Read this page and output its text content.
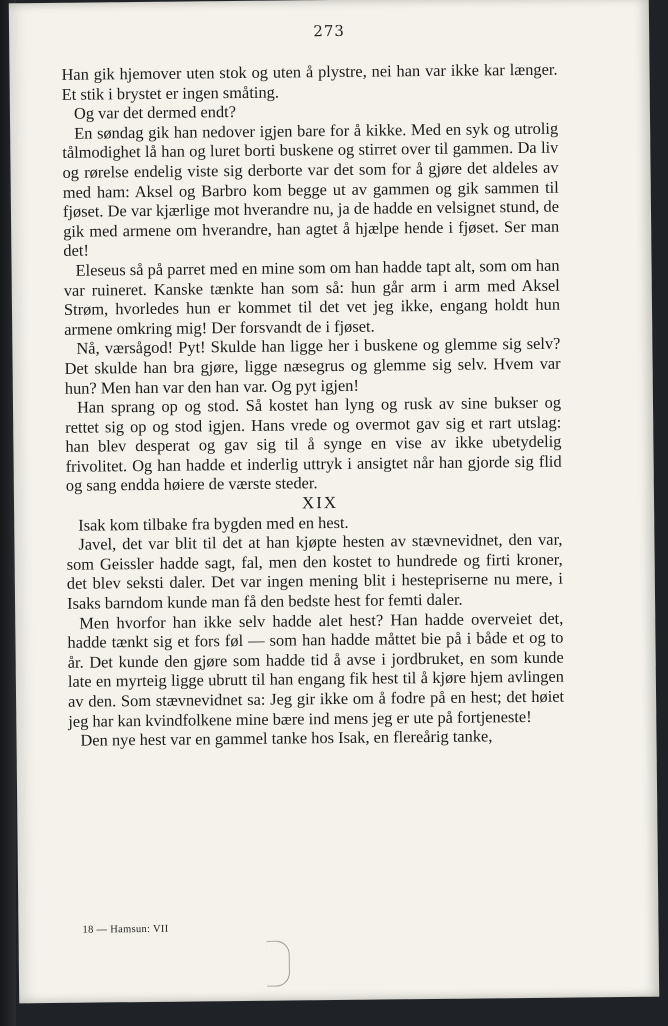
273

Han gik hjemover uten stok og uten å plystre, nei han var ikke kar længer. Et stik i brystet er ingen småting.

Og var det dermed endt?

En søndag gik han nedover igjen bare for å kikke. Med en syk og utrolig tålmodighet lå han og luret borti buskene og stirret over til gammen. Da liv og rørelse endelig viste sig derborte var det som for å gjøre det aldeles av med ham: Aksel og Barbro kom begge ut av gammen og gik sammen til fjøset. De var kjærlige mot hverandre nu, ja de hadde en velsignet stund, de gik med armene om hverandre, han agtet å hjælpe hende i fjøset. Ser man det!

Eleseus så på parret med en mine som om han hadde tapt alt, som om han var ruineret. Kanske tænkte han som så: hun går arm i arm med Aksel Strøm, hvorledes hun er kommet til det vet jeg ikke, engang holdt hun armene omkring mig! Der forsvandt de i fjøset.

Nå, værsågod! Pyt! Skulde han ligge her i buskene og glemme sig selv? Det skulde han bra gjøre, ligge næsegrus og glemme sig selv. Hvem var hun? Men han var den han var. Og pyt igjen!

Han sprang op og stod. Så kostet han lyng og rusk av sine bukser og rettet sig op og stod igjen. Hans vrede og overmot gav sig et rart utslag: han blev desperat og gav sig til å synge en vise av ikke ubetydelig frivolitet. Og han hadde et inderlig uttryk i ansigtet når han gjorde sig flid og sang endda høiere de værste steder.

XIX

Isak kom tilbake fra bygden med en hest.

Javel, det var blit til det at han kjøpte hesten av stævnevidnet, den var, som Geissler hadde sagt, fal, men den kostet to hundrede og firti kroner, det blev seksti daler. Det var ingen mening blit i hestepriserne nu mere, i Isaks barndom kunde man få den bedste hest for femti daler.

Men hvorfor han ikke selv hadde alet hest? Han hadde overveiet det, hadde tænkt sig et fors føl — som han hadde måttet bie på i både et og to år. Det kunde den gjøre som hadde tid å avse i jordbruket, en som kunde late en myrteig ligge ubrutt til han engang fik hest til å kjøre hjem avlingen av den. Som stævnevidnet sa: Jeg gir ikke om å fodre på en hest; det høiet jeg har kan kvindfolkene mine bære ind mens jeg er ute på fortjeneste!

Den nye hest var en gammel tanke hos Isak, en flereårig tanke,

18 — Hamsun: VII
